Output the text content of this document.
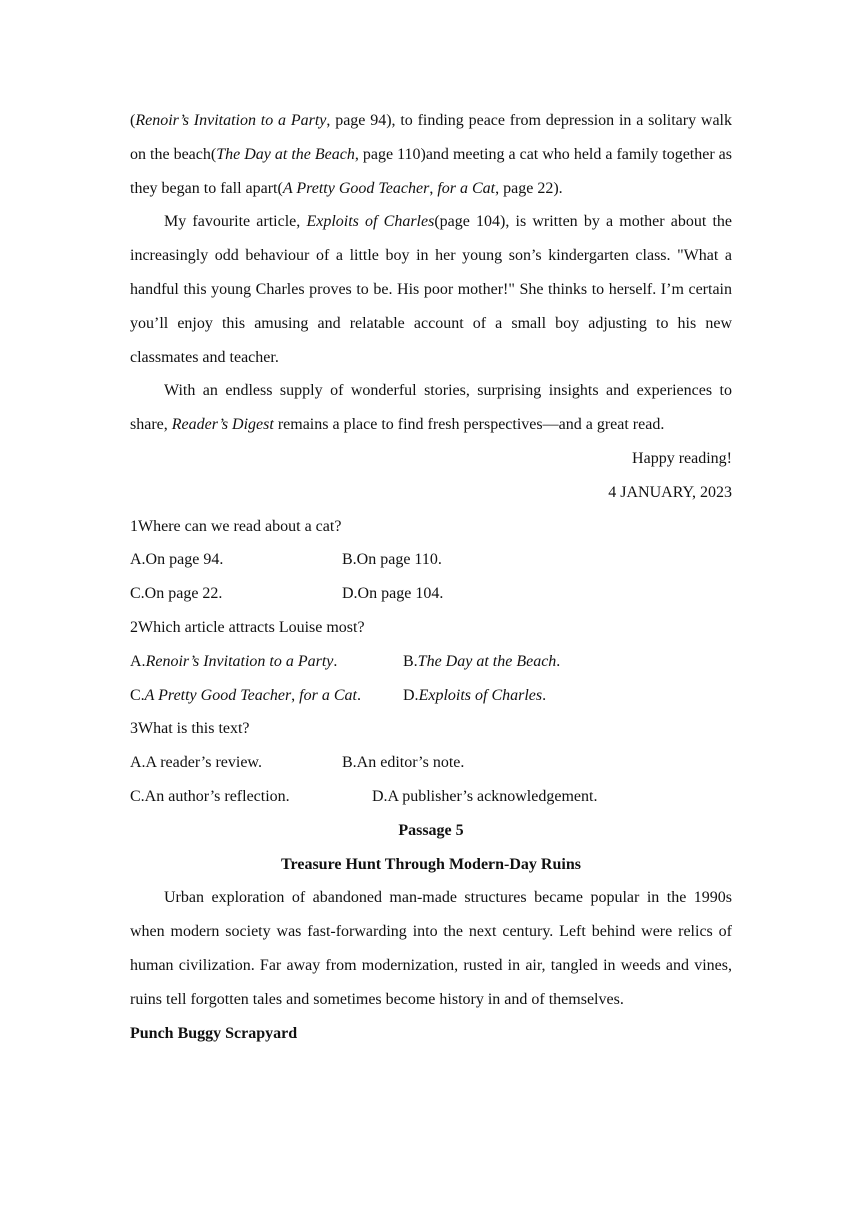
(Renoir’s Invitation to a Party, page 94), to finding peace from depression in a solitary walk on the beach(The Day at the Beach, page 110)and meeting a cat who held a family together as they began to fall apart(A Pretty Good Teacher, for a Cat, page 22).

My favourite article, Exploits of Charles(page 104), is written by a mother about the increasingly odd behaviour of a little boy in her young son’s kindergarten class. "What a handful this young Charles proves to be. His poor mother!" She thinks to herself. I’m certain you’ll enjoy this amusing and relatable account of a small boy adjusting to his new classmates and teacher.

With an endless supply of wonderful stories, surprising insights and experiences to share, Reader’s Digest remains a place to find fresh perspectives—and a great read.

Happy reading!
4 JANUARY, 2023
1Where can we read about a cat?
A.On page 94.	B.On page 110.
C.On page 22.	D.On page 104.
2Which article attracts Louise most?
A.Renoir’s Invitation to a Party.	B.The Day at the Beach.
C.A Pretty Good Teacher, for a Cat.	D.Exploits of Charles.
3What is this text?
A.A reader’s review.	B.An editor’s note.
C.An author’s reflection.	D.A publisher’s acknowledgement.
Passage 5
Treasure Hunt Through Modern-Day Ruins

Urban exploration of abandoned man-made structures became popular in the 1990s when modern society was fast-forwarding into the next century. Left behind were relics of human civilization. Far away from modernization, rusted in air, tangled in weeds and vines, ruins tell forgotten tales and sometimes become history in and of themselves.

Punch Buggy Scrapyard
